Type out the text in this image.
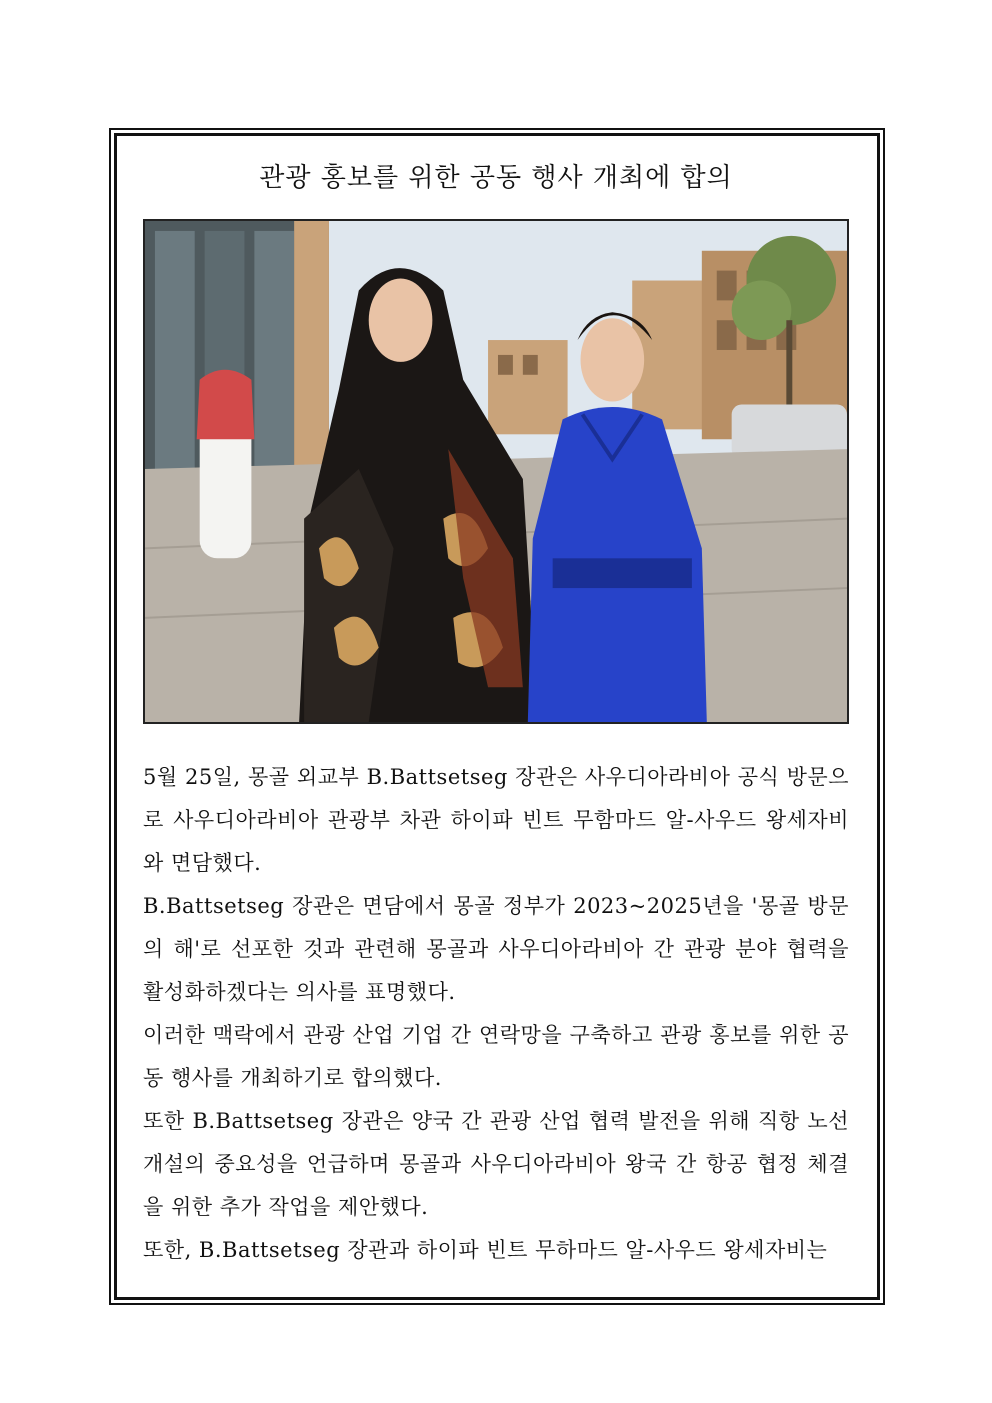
관광 홍보를 위한 공동 행사 개최에 합의

5월 25일, 몽골 외교부 B.Battsetseg 장관은 사우디아라비아 공식 방문으로 사우디아라비아 관광부 차관 하이파 빈트 무함마드 알-사우드 왕세자비와 면담했다.

B.Battsetseg 장관은 면담에서 몽골 정부가 2023~2025년을 '몽골 방문의 해'로 선포한 것과 관련해 몽골과 사우디아라비아 간 관광 분야 협력을 활성화하겠다는 의사를 표명했다.

이러한 맥락에서 관광 산업 기업 간 연락망을 구축하고 관광 홍보를 위한 공동 행사를 개최하기로 합의했다.

또한 B.Battsetseg 장관은 양국 간 관광 산업 협력 발전을 위해 직항 노선 개설의 중요성을 언급하며 몽골과 사우디아라비아 왕국 간 항공 협정 체결을 위한 추가 작업을 제안했다.

또한, B.Battsetseg 장관과 하이파 빈트 무하마드 알-사우드 왕세자비는
